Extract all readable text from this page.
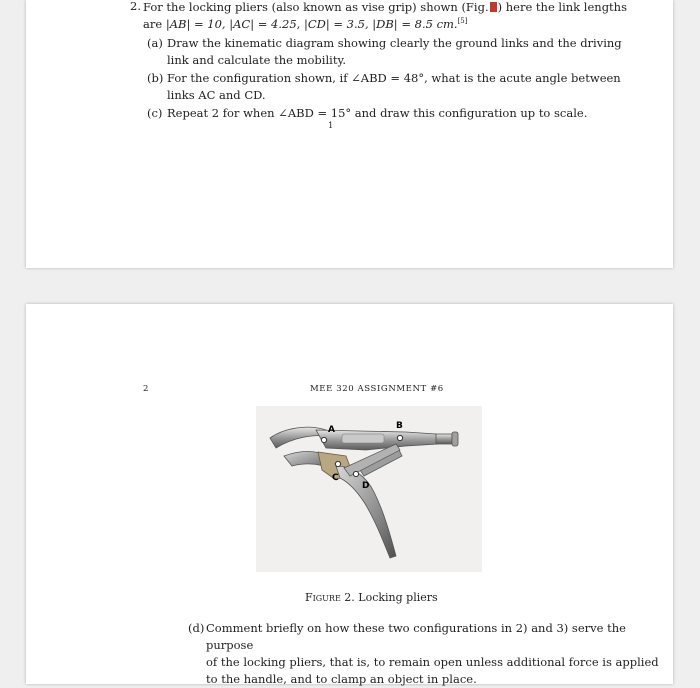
2. For the locking pliers (also known as vise grip) shown (Fig. ) here the link lengths
are |AB| = 10, |AC| = 4.25, |CD| = 3.5, |DB| = 8.5 cm.[5]
(a) Draw the kinematic diagram showing clearly the ground links and the driving
link and calculate the mobility.
(b) For the configuration shown, if ∠ABD = 48°, what is the acute angle between
links AC and CD.
(c) Repeat 2 for when ∠ABD = 15° and draw this configuration up to scale.
1
2	MEE 320 ASSIGNMENT #6
A	B
C
D
Figure 2. Locking pliers
(d) Comment briefly on how these two configurations in 2) and 3) serve the purpose
of the locking pliers, that is, to remain open unless additional force is applied
to the handle, and to clamp an object in place.
